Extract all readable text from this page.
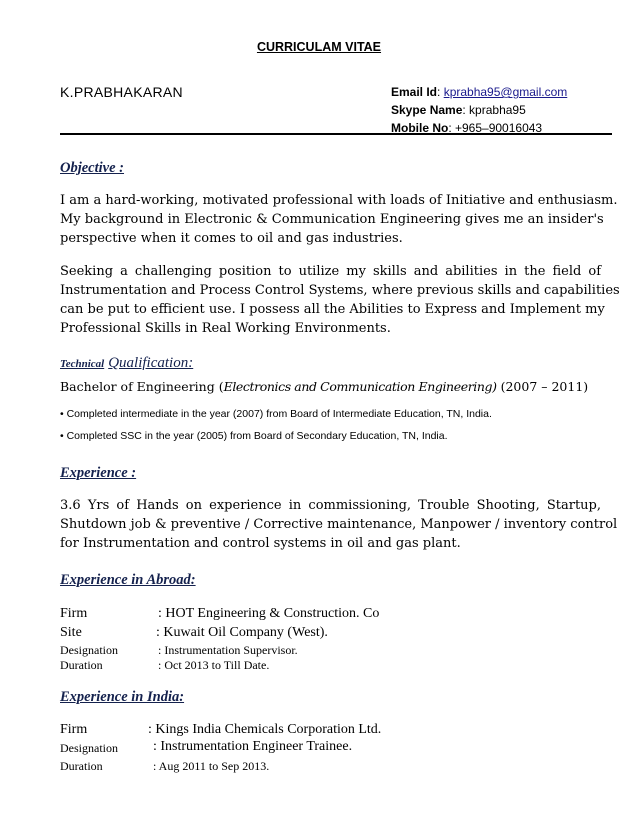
CURRICULAM VITAE
K.PRABHAKARAN	Email Id: kprabha95@gmail.com
Skype Name: kprabha95
Mobile No: +965–90016043
Objective :
I am a hard-working, motivated professional with loads of Initiative and enthusiasm.
My background in Electronic & Communication Engineering gives me an insider's
perspective when it comes to oil and gas industries.
Seeking a challenging position to utilize my skills and abilities in the field of
Instrumentation and Process Control Systems, where previous skills and capabilities
can be put to efficient use. I possess all the Abilities to Express and Implement my
Professional Skills in Real Working Environments.
Technical Qualification:
Bachelor of Engineering (Electronics and Communication Engineering) (2007 – 2011)
• Completed intermediate in the year (2007) from Board of Intermediate Education, TN, India.
• Completed SSC in the year (2005) from Board of Secondary Education, TN, India.
Experience :
3.6 Yrs of Hands on experience in commissioning, Trouble Shooting, Startup,
Shutdown job & preventive / Corrective maintenance, Manpower / inventory control
for Instrumentation and control systems in oil and gas plant.
Experience in Abroad:
Firm	: HOT Engineering & Construction. Co
Site	: Kuwait Oil Company (West).
Designation	: Instrumentation Supervisor.
Duration	: Oct 2013 to Till Date.
Experience in India:
Firm	: Kings India Chemicals Corporation Ltd.
Designation	: Instrumentation Engineer Trainee.
Duration	: Aug 2011 to Sep 2013.
